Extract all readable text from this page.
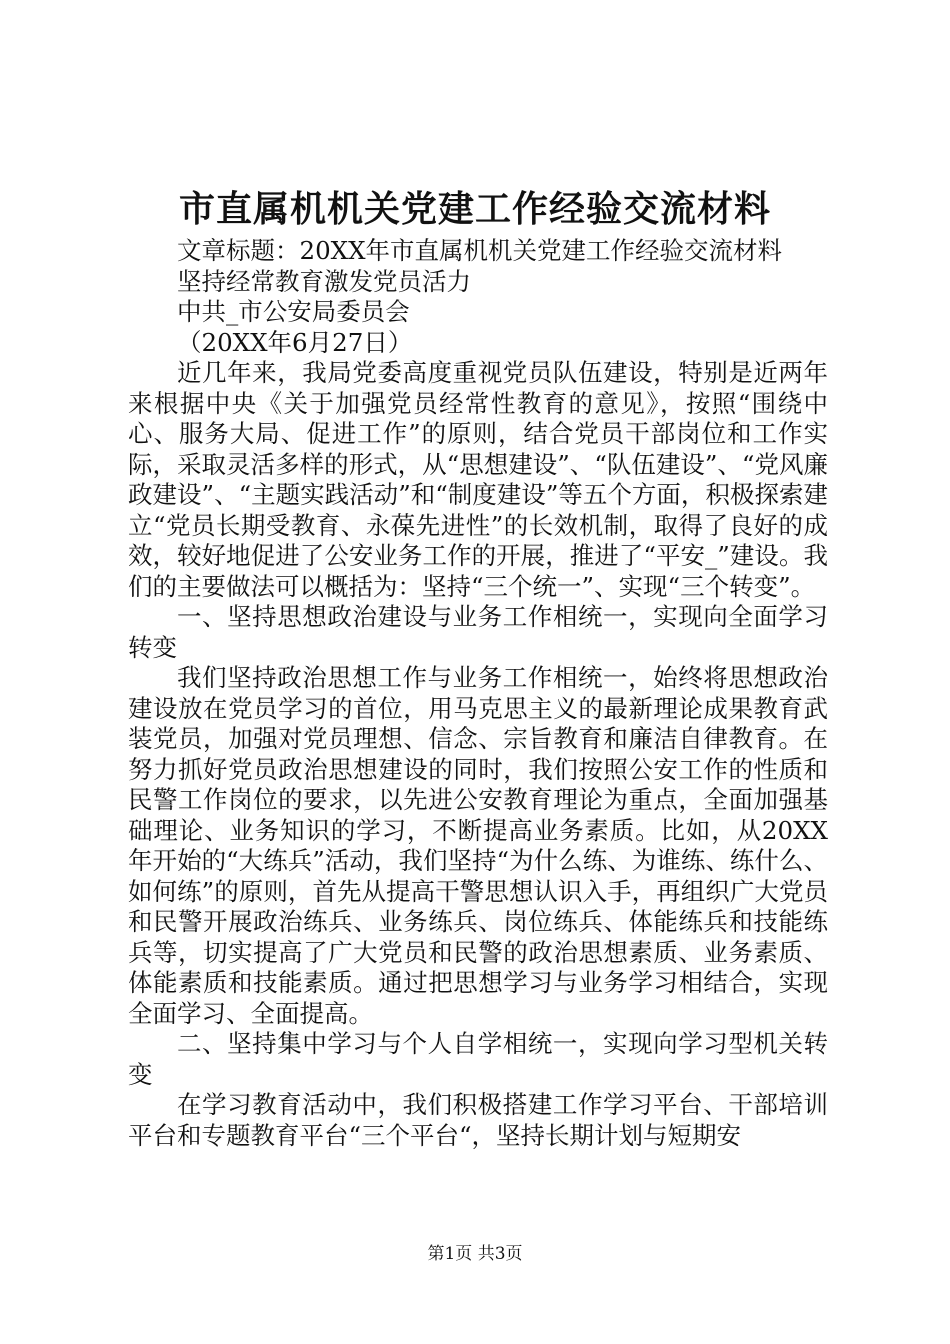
市直属机机关党建工作经验交流材料

文章标题：20XX年市直属机机关党建工作经验交流材料

坚持经常教育激发党员活力

中共_市公安局委员会

（20XX年6月27日）

近几年来，我局党委高度重视党员队伍建设，特别是近两年来根据中央《关于加强党员经常性教育的意见》，按照“围绕中心、服务大局、促进工作”的原则，结合党员干部岗位和工作实际，采取灵活多样的形式，从“思想建设”、“队伍建设”、“党风廉政建设”、“主题实践活动”和“制度建设”等五个方面，积极探索建立“党员长期受教育、永葆先进性”的长效机制，取得了良好的成效，较好地促进了公安业务工作的开展，推进了“平安_”建设。我们的主要做法可以概括为：坚持“三个统一”、实现“三个转变”。

一、坚持思想政治建设与业务工作相统一，实现向全面学习转变

我们坚持政治思想工作与业务工作相统一，始终将思想政治建设放在党员学习的首位，用马克思主义的最新理论成果教育武装党员，加强对党员理想、信念、宗旨教育和廉洁自律教育。在努力抓好党员政治思想建设的同时，我们按照公安工作的性质和民警工作岗位的要求，以先进公安教育理论为重点，全面加强基础理论、业务知识的学习，不断提高业务素质。比如，从20XX年开始的“大练兵”活动，我们坚持“为什么练、为谁练、练什么、如何练”的原则，首先从提高干警思想认识入手，再组织广大党员和民警开展政治练兵、业务练兵、岗位练兵、体能练兵和技能练兵等，切实提高了广大党员和民警的政治思想素质、业务素质、体能素质和技能素质。通过把思想学习与业务学习相结合，实现全面学习、全面提高。

二、坚持集中学习与个人自学相统一，实现向学习型机关转变

在学习教育活动中，我们积极搭建工作学习平台、干部培训平台和专题教育平台“三个平台“，坚持长期计划与短期安

第1页 共3页
